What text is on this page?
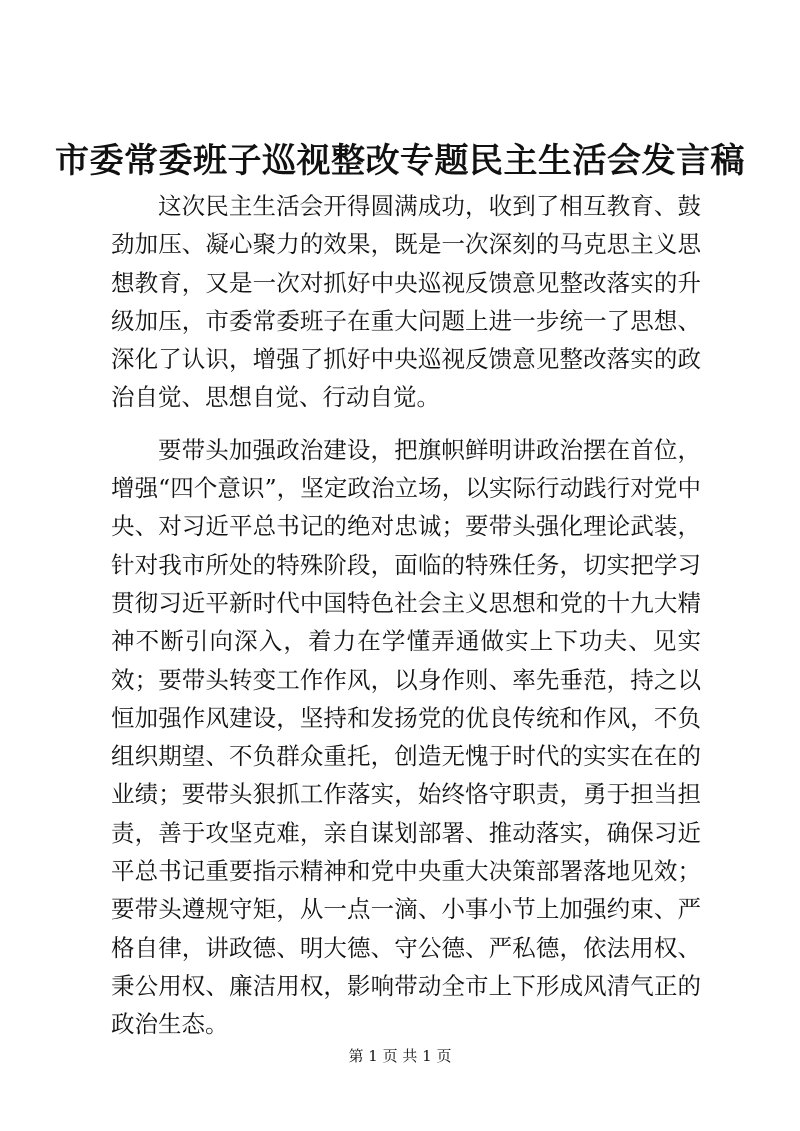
市委常委班子巡视整改专题民主生活会发言稿

这次民主生活会开得圆满成功，收到了相互教育、鼓劲加压、凝心聚力的效果，既是一次深刻的马克思主义思想教育，又是一次对抓好中央巡视反馈意见整改落实的升级加压，市委常委班子在重大问题上进一步统一了思想、深化了认识，增强了抓好中央巡视反馈意见整改落实的政治自觉、思想自觉、行动自觉。

要带头加强政治建设，把旗帜鲜明讲政治摆在首位，增强“四个意识”，坚定政治立场，以实际行动践行对党中央、对习近平总书记的绝对忠诚；要带头强化理论武装，针对我市所处的特殊阶段，面临的特殊任务，切实把学习贯彻习近平新时代中国特色社会主义思想和党的十九大精神不断引向深入，着力在学懂弄通做实上下功夫、见实效；要带头转变工作作风，以身作则、率先垂范，持之以恒加强作风建设，坚持和发扬党的优良传统和作风，不负组织期望、不负群众重托，创造无愧于时代的实实在在的业绩；要带头狠抓工作落实，始终恪守职责，勇于担当担责，善于攻坚克难，亲自谋划部署、推动落实，确保习近平总书记重要指示精神和党中央重大决策部署落地见效；要带头遵规守矩，从一点一滴、小事小节上加强约束、严格自律，讲政德、明大德、守公德、严私德，依法用权、秉公用权、廉洁用权，影响带动全市上下形成风清气正的政治生态。

第 1 页 共 1 页
